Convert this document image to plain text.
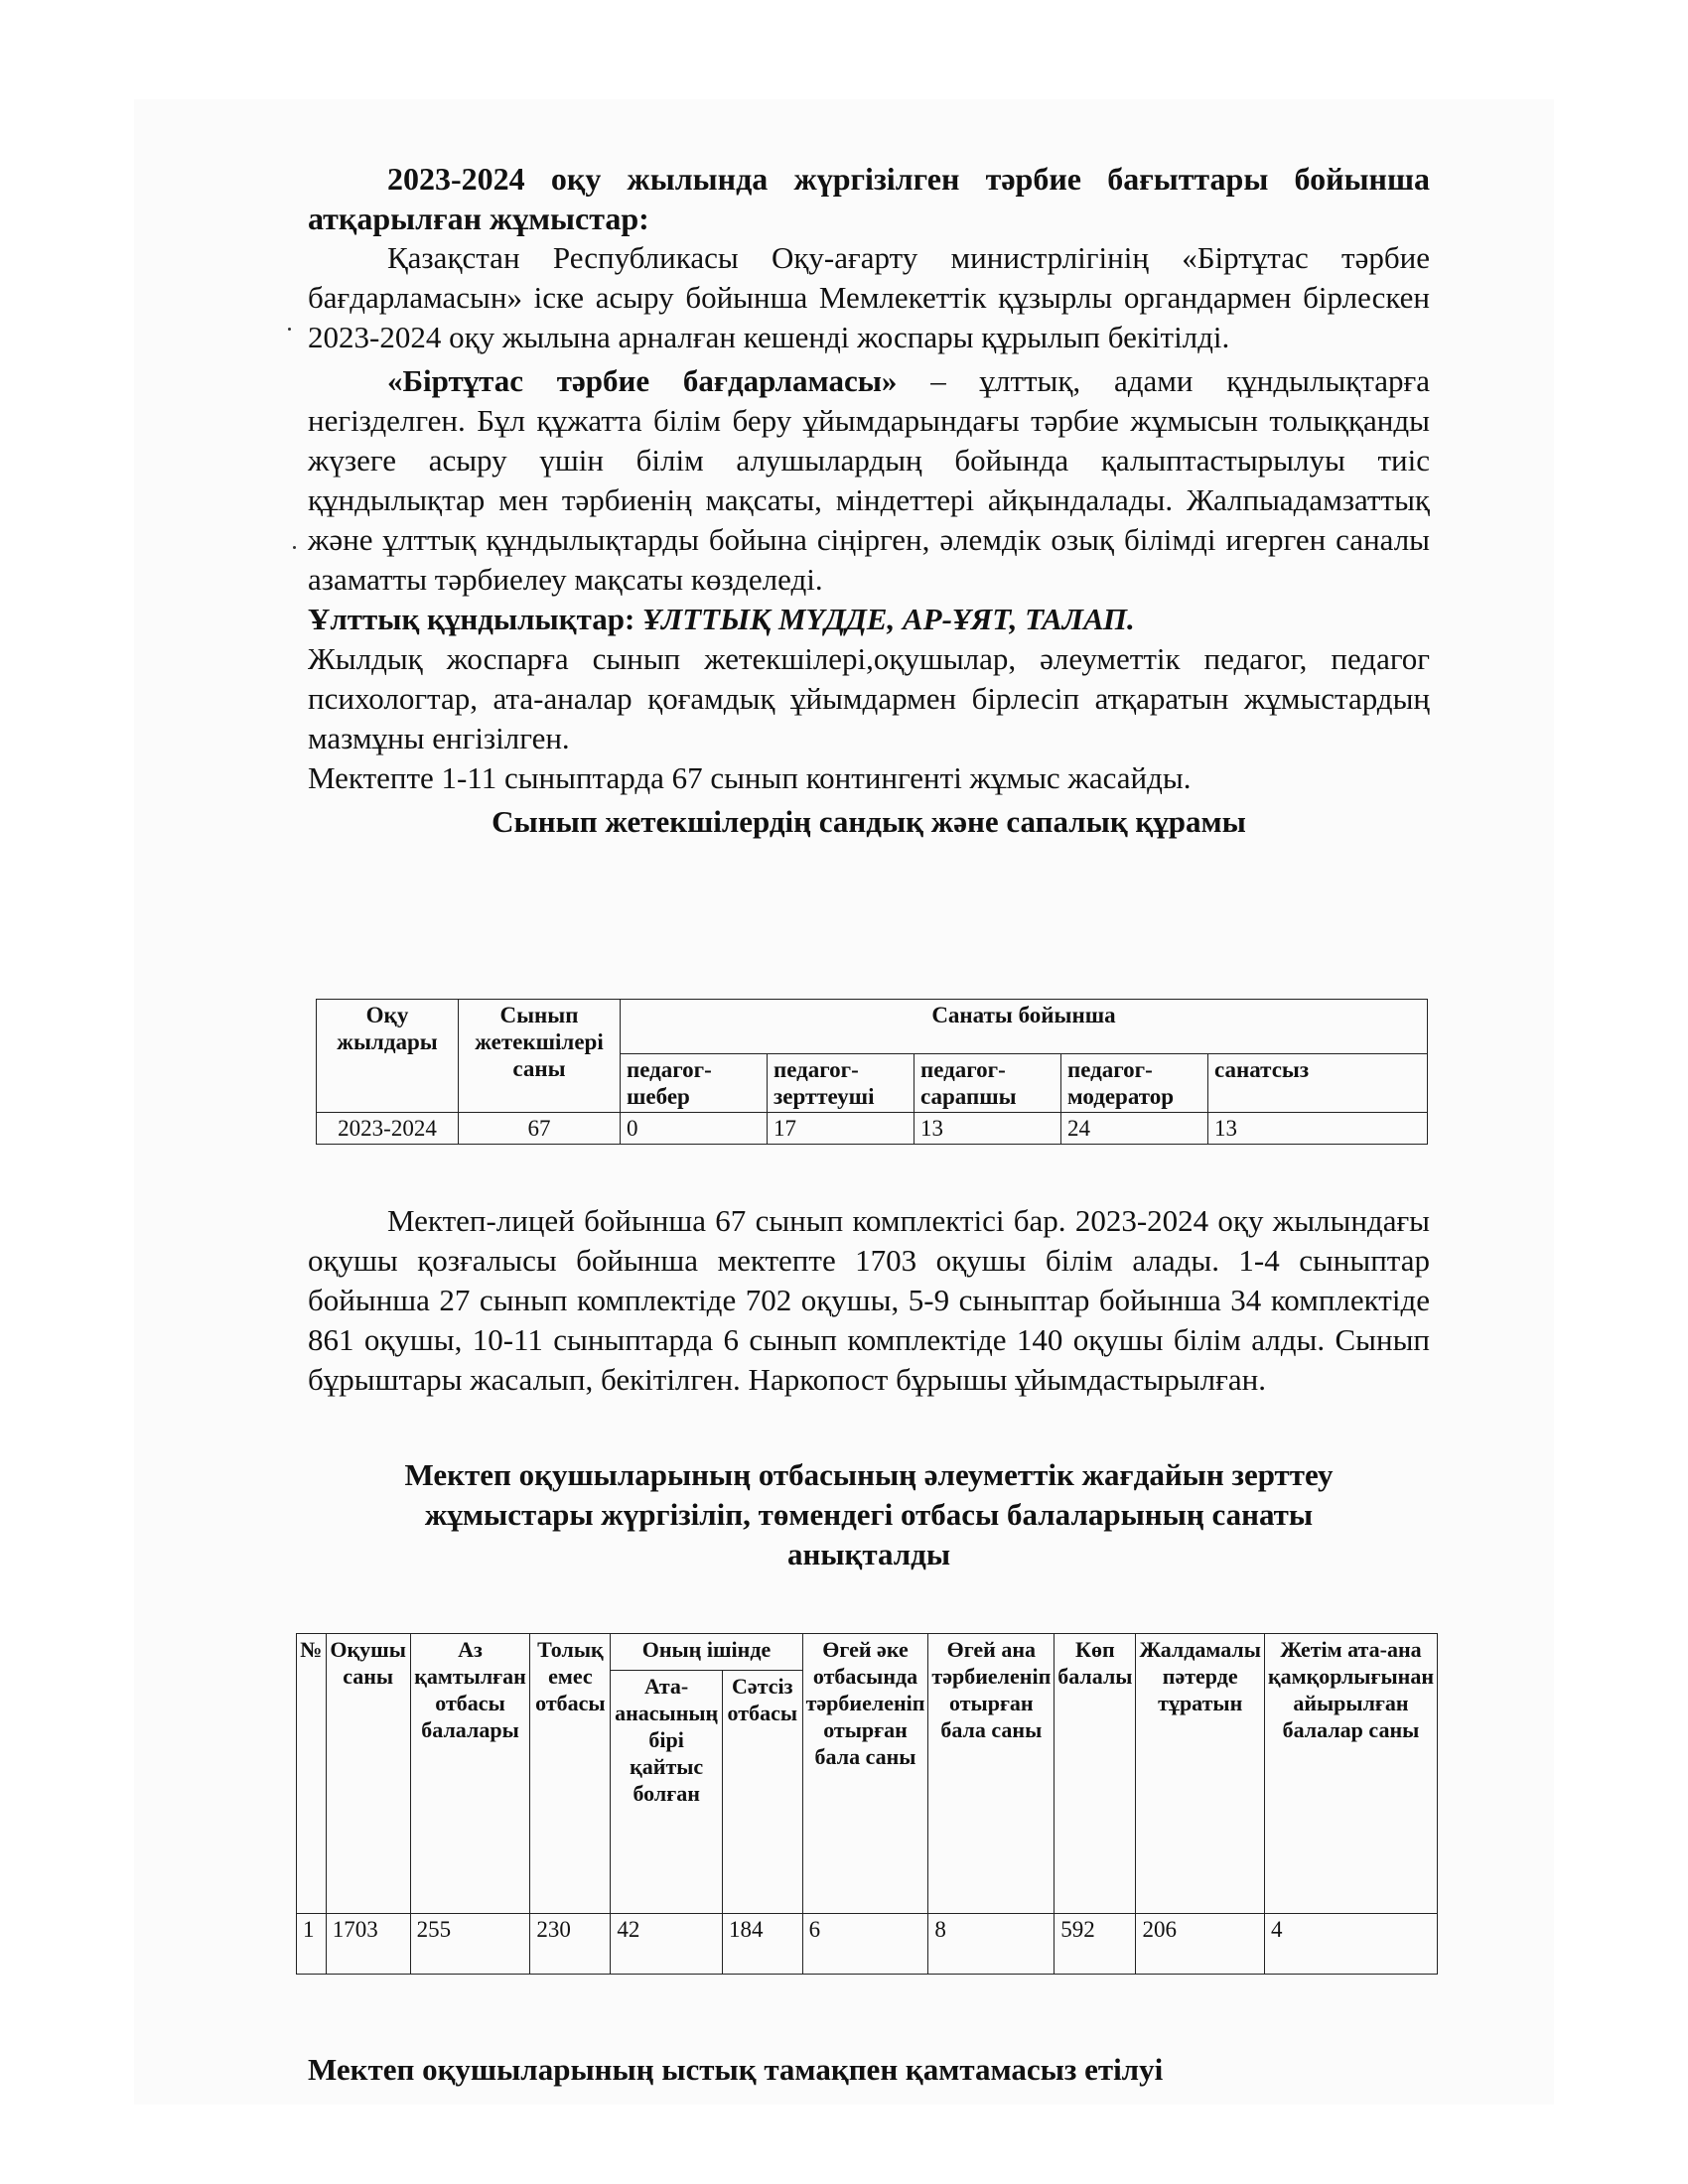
2023-2024 оқу жылында жүргізілген тәрбие бағыттары бойынша атқарылған жұмыстар:

Қазақстан Республикасы Оқу-ағарту министрлігінің «Біртұтас тәрбие бағдарламасын» іске асыру бойынша Мемлекеттік құзырлы органдармен бірлескен 2023-2024 оқу жылына арналған кешенді жоспары құрылып бекітілді.

«Біртұтас тәрбие бағдарламасы» – ұлттық, адами құндылықтарға негізделген. Бұл құжатта білім беру ұйымдарындағы тәрбие жұмысын толыққанды жүзеге асыру үшін білім алушылардың бойында қалыптастырылуы тиіс құндылықтар мен тәрбиенің мақсаты, міндеттері айқындалады. Жалпыадамзаттық және ұлттық құндылықтарды бойына сіңірген, әлемдік озық білімді игерген саналы азаматты тәрбиелеу мақсаты көзделеді.

Ұлттық құндылықтар: ҰЛТТЫҚ МҮДДЕ, АР-ҰЯТ, ТАЛАП.

Жылдық жоспарға сынып жетекшілері,оқушылар, әлеуметтік педагог, педагог психологтар, ата-аналар қоғамдық ұйымдармен бірлесіп атқаратын жұмыстардың мазмұны енгізілген.

Мектепте 1-11 сыныптарда 67 сынып контингенті жұмыс жасайды.

Сынып жетекшілердің сандық және сапалық құрамы

Оқу жылдары	Сынып жетекшілері саны	Санаты бойынша				
		педагог-шебер	педагог-зерттеуші	педагог-сарапшы	педагог-модератор	санатсыз
2023-2024	67	0	17	13	24	13

Мектеп-лицей бойынша 67 сынып комплектісі бар. 2023-2024 оқу жылындағы оқушы қозғалысы бойынша мектепте 1703 оқушы білім алады. 1-4 сыныптар бойынша 27 сынып комплектіде 702 оқушы, 5-9 сыныптар бойынша 34 комплектіде 861 оқушы, 10-11 сыныптарда 6 сынып комплектіде 140 оқушы білім алды. Сынып бұрыштары жасалып, бекітілген. Наркопост бұрышы ұйымдастырылған.

Мектеп оқушыларының отбасының әлеуметтік жағдайын зерттеу жұмыстары жүргізіліп, төмендегі отбасы балаларының санаты анықталды

№	Оқушы саны	Аз қамтылған отбасы балалары	Толық емес отбасы	Оның ішінде		Өгей әке отбасында тәрбиеленіп отырған бала саны	Өгей ана тәрбиеленіп отырған бала саны	Көп балалы	Жалдамалы пәтерде тұратын	Жетім ата-ана қамқорлығынан айырылған балалар саны
				Ата-анасының бірі қайтыс болған	Сәтсіз отбасы					
1	1703	255	230	42	184	6	8	592	206	4

Мектеп оқушыларының ыстық тамақпен қамтамасыз етілуі
